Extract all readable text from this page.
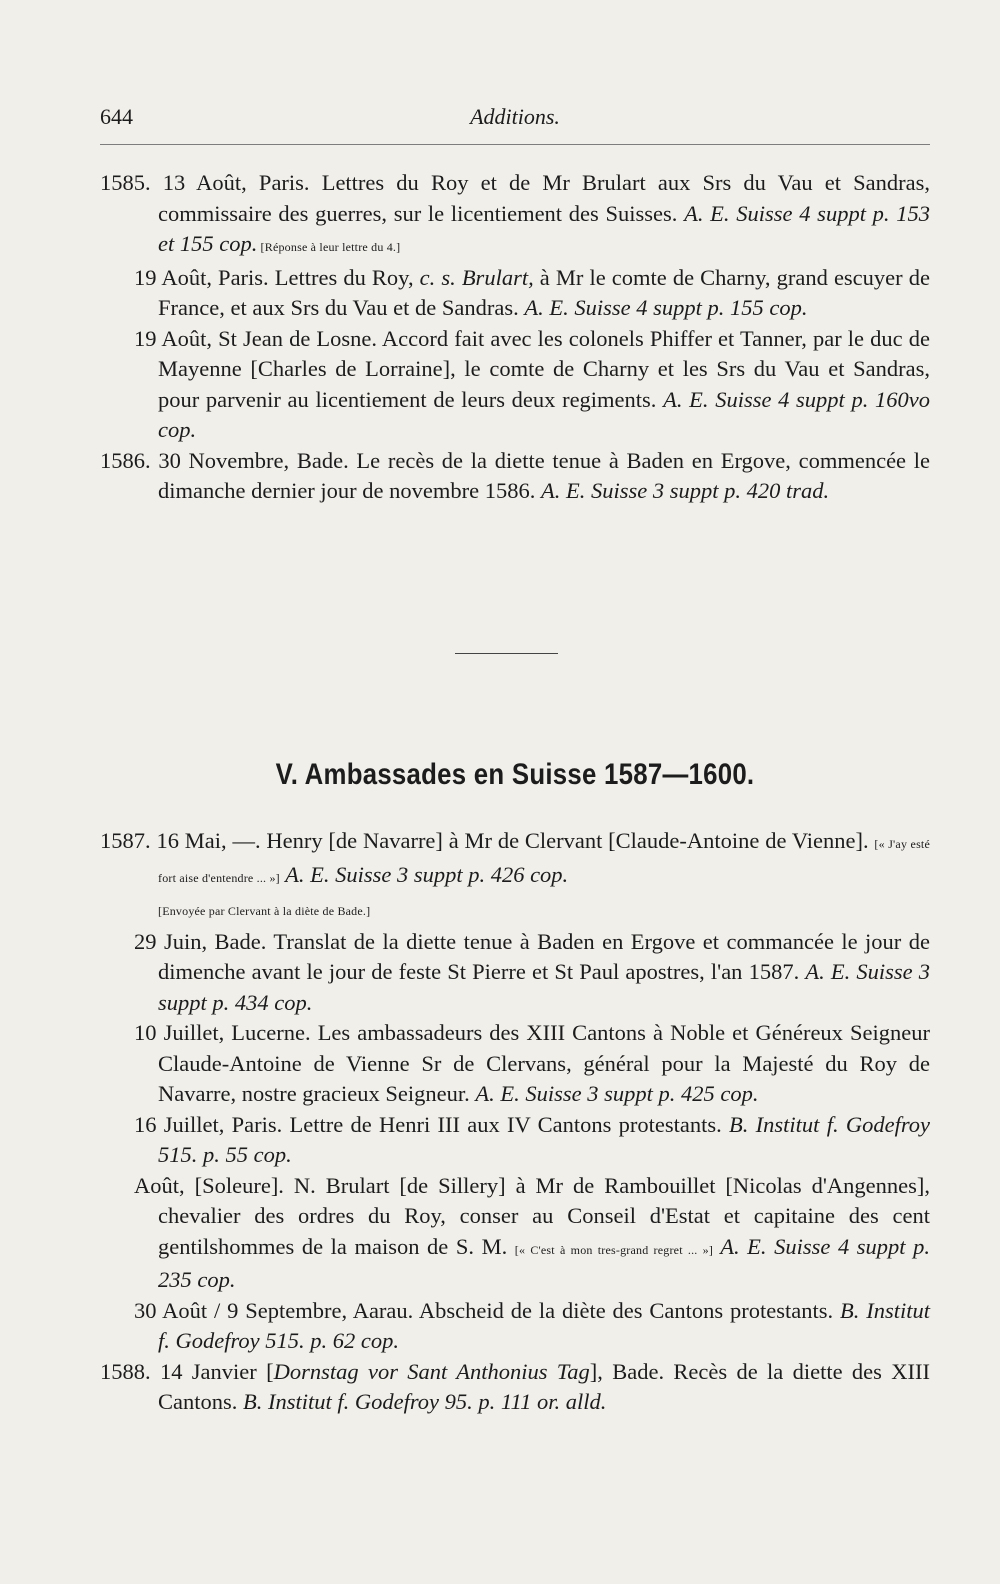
644	Additions.
1585. 13 Août, Paris. Lettres du Roy et de Mr Brulart aux Srs du Vau et Sandras, commissaire des guerres, sur le licentiement des Suisses. A. E. Suisse 4 suppt p. 153 et 155 cop. [Réponse à leur lettre du 4.]
19 Août, Paris. Lettres du Roy, c. s. Brulart, à Mr le comte de Charny, grand escuyer de France, et aux Srs du Vau et de Sandras. A. E. Suisse 4 suppt p. 155 cop.
19 Août, St Jean de Losne. Accord fait avec les colonels Phiffer et Tanner, par le duc de Mayenne [Charles de Lorraine], le comte de Charny et les Srs du Vau et Sandras, pour parvenir au licentiement de leurs deux regiments. A. E. Suisse 4 suppt p. 160vo cop.
1586. 30 Novembre, Bade. Le recès de la diette tenue à Baden en Ergove, commencée le dimanche dernier jour de novembre 1586. A. E. Suisse 3 suppt p. 420 trad.
V. Ambassades en Suisse 1587—1600.
1587. 16 Mai, —. Henry [de Navarre] à Mr de Clervant [Claude-Antoine de Vienne]. [« J'ay esté fort aise d'entendre ... »] A. E. Suisse 3 suppt p. 426 cop.
[Envoyée par Clervant à la diète de Bade.]
29 Juin, Bade. Translat de la diette tenue à Baden en Ergove et commancée le jour de dimenche avant le jour de feste St Pierre et St Paul apostres, l'an 1587. A. E. Suisse 3 suppt p. 434 cop.
10 Juillet, Lucerne. Les ambassadeurs des XIII Cantons à Noble et Généreux Seigneur Claude-Antoine de Vienne Sr de Clervans, général pour la Majesté du Roy de Navarre, nostre gracieux Seigneur. A. E. Suisse 3 suppt p. 425 cop.
16 Juillet, Paris. Lettre de Henri III aux IV Cantons protestants. B. Institut f. Godefroy 515. p. 55 cop.
Août, [Soleure]. N. Brulart [de Sillery] à Mr de Rambouillet [Nicolas d'Angennes], chevalier des ordres du Roy, conser au Conseil d'Estat et capitaine des cent gentilshommes de la maison de S. M. [« C'est à mon tres-grand regret ... »] A. E. Suisse 4 suppt p. 235 cop.
30 Août / 9 Septembre, Aarau. Abscheid de la diète des Cantons protestants. B. Institut f. Godefroy 515. p. 62 cop.
1588. 14 Janvier [Dornstag vor Sant Anthonius Tag], Bade. Recès de la diette des XIII Cantons. B. Institut f. Godefroy 95. p. 111 or. alld.
